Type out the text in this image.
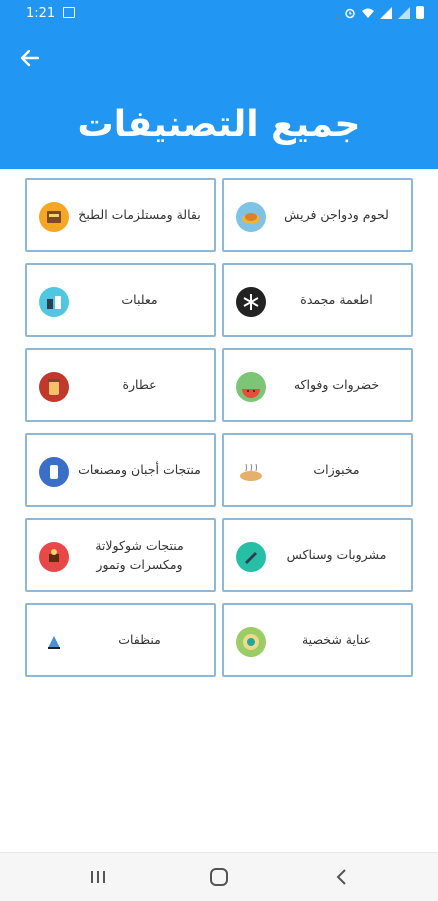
1:21
جميع التصنيفات
لحوم ودواجن فريش
بقالة ومستلزمات الطبخ
اطعمة مجمدة
معلبات
خضروات وفواكه
عطارة
مخبوزات
منتجات أجبان ومصنعات
مشروبات وسناكس
منتجات شوكولاتة ومكسرات وتمور
عناية شخصية
منظفات
